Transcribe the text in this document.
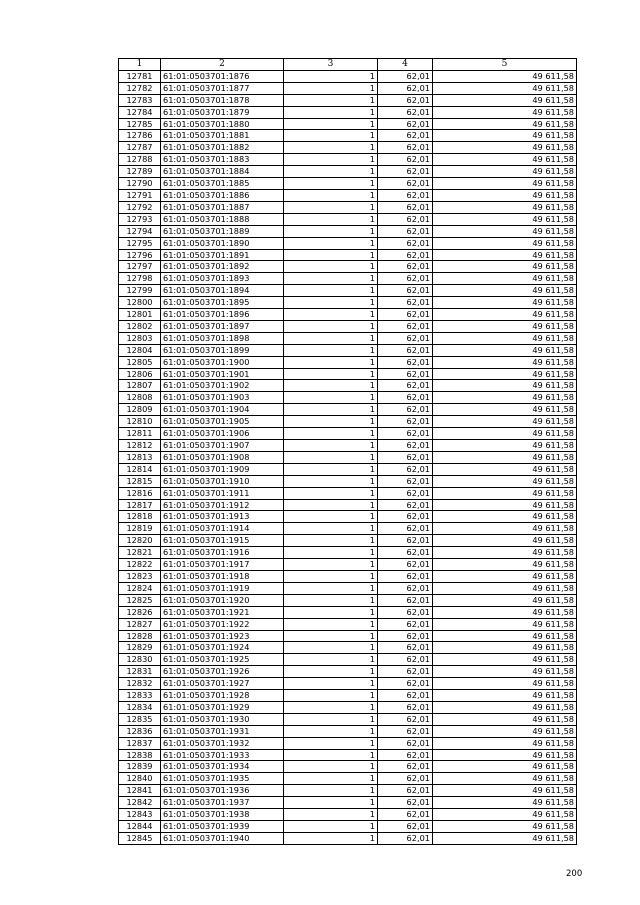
1	2	3	4	5
12781	61:01:0503701:1876	1	62,01	49 611,58
12782	61:01:0503701:1877	1	62,01	49 611,58
12783	61:01:0503701:1878	1	62,01	49 611,58
12784	61:01:0503701:1879	1	62,01	49 611,58
12785	61:01:0503701:1880	1	62,01	49 611,58
12786	61:01:0503701:1881	1	62,01	49 611,58
12787	61:01:0503701:1882	1	62,01	49 611,58
12788	61:01:0503701:1883	1	62,01	49 611,58
12789	61:01:0503701:1884	1	62,01	49 611,58
12790	61:01:0503701:1885	1	62,01	49 611,58
12791	61:01:0503701:1886	1	62,01	49 611,58
12792	61:01:0503701:1887	1	62,01	49 611,58
12793	61:01:0503701:1888	1	62,01	49 611,58
12794	61:01:0503701:1889	1	62,01	49 611,58
12795	61:01:0503701:1890	1	62,01	49 611,58
12796	61:01:0503701:1891	1	62,01	49 611,58
12797	61:01:0503701:1892	1	62,01	49 611,58
12798	61:01:0503701:1893	1	62,01	49 611,58
12799	61:01:0503701:1894	1	62,01	49 611,58
12800	61:01:0503701:1895	1	62,01	49 611,58
12801	61:01:0503701:1896	1	62,01	49 611,58
12802	61:01:0503701:1897	1	62,01	49 611,58
12803	61:01:0503701:1898	1	62,01	49 611,58
12804	61:01:0503701:1899	1	62,01	49 611,58
12805	61:01:0503701:1900	1	62,01	49 611,58
12806	61:01:0503701:1901	1	62,01	49 611,58
12807	61:01:0503701:1902	1	62,01	49 611,58
12808	61:01:0503701:1903	1	62,01	49 611,58
12809	61:01:0503701:1904	1	62,01	49 611,58
12810	61:01:0503701:1905	1	62,01	49 611,58
12811	61:01:0503701:1906	1	62,01	49 611,58
12812	61:01:0503701:1907	1	62,01	49 611,58
12813	61:01:0503701:1908	1	62,01	49 611,58
12814	61:01:0503701:1909	1	62,01	49 611,58
12815	61:01:0503701:1910	1	62,01	49 611,58
12816	61:01:0503701:1911	1	62,01	49 611,58
12817	61:01:0503701:1912	1	62,01	49 611,58
12818	61:01:0503701:1913	1	62,01	49 611,58
12819	61:01:0503701:1914	1	62,01	49 611,58
12820	61:01:0503701:1915	1	62,01	49 611,58
12821	61:01:0503701:1916	1	62,01	49 611,58
12822	61:01:0503701:1917	1	62,01	49 611,58
12823	61:01:0503701:1918	1	62,01	49 611,58
12824	61:01:0503701:1919	1	62,01	49 611,58
12825	61:01:0503701:1920	1	62,01	49 611,58
12826	61:01:0503701:1921	1	62,01	49 611,58
12827	61:01:0503701:1922	1	62,01	49 611,58
12828	61:01:0503701:1923	1	62,01	49 611,58
12829	61:01:0503701:1924	1	62,01	49 611,58
12830	61:01:0503701:1925	1	62,01	49 611,58
12831	61:01:0503701:1926	1	62,01	49 611,58
12832	61:01:0503701:1927	1	62,01	49 611,58
12833	61:01:0503701:1928	1	62,01	49 611,58
12834	61:01:0503701:1929	1	62,01	49 611,58
12835	61:01:0503701:1930	1	62,01	49 611,58
12836	61:01:0503701:1931	1	62,01	49 611,58
12837	61:01:0503701:1932	1	62,01	49 611,58
12838	61:01:0503701:1933	1	62,01	49 611,58
12839	61:01:0503701:1934	1	62,01	49 611,58
12840	61:01:0503701:1935	1	62,01	49 611,58
12841	61:01:0503701:1936	1	62,01	49 611,58
12842	61:01:0503701:1937	1	62,01	49 611,58
12843	61:01:0503701:1938	1	62,01	49 611,58
12844	61:01:0503701:1939	1	62,01	49 611,58
12845	61:01:0503701:1940	1	62,01	49 611,58
200
